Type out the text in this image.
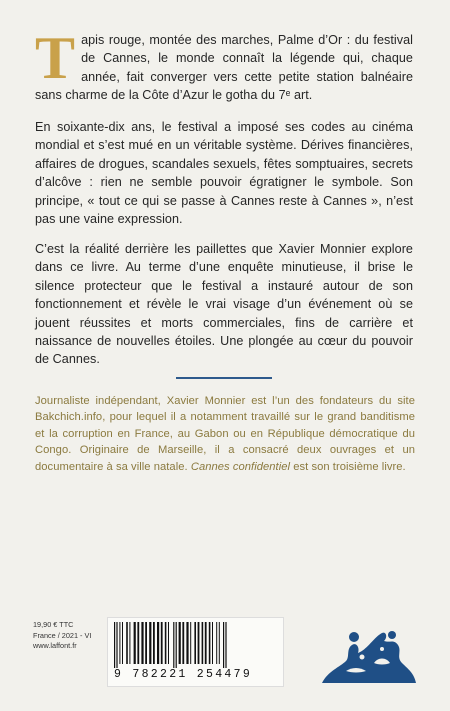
Tapis rouge, montée des marches, Palme d’Or : du festival de Cannes, le monde connaît la légende qui, chaque année, fait converger vers cette petite station balnéaire sans charme de la Côte d’Azur le gotha du 7ᵉ art.
En soixante-dix ans, le festival a imposé ses codes au cinéma mondial et s’est mué en un véritable système. Dérives financières, affaires de drogues, scandales sexuels, fêtes somptuaires, secrets d’alcôve : rien ne semble pouvoir égratigner le symbole. Son principe, « tout ce qui se passe à Cannes reste à Cannes », n’est pas une vaine expression.
C’est la réalité derrière les paillettes que Xavier Monnier explore dans ce livre. Au terme d’une enquête minutieuse, il brise le silence protecteur que le festival a instauré autour de son fonctionnement et révèle le vrai visage d’un événement où se jouent réussites et morts commerciales, fins de carrière et naissance de nouvelles étoiles. Une plongée au cœur du pouvoir de Cannes.
Journaliste indépendant, Xavier Monnier est l’un des fondateurs du site Bakchich.info, pour lequel il a notamment travaillé sur le grand banditisme et la corruption en France, au Gabon ou en République démocratique du Congo. Originaire de Marseille, il a consacré deux ouvrages et un documentaire à sa ville natale. Cannes confidentiel est son troisième livre.
19,90 € TTC
France / 2021 - VI
www.laffont.fr
9 782221 254479
